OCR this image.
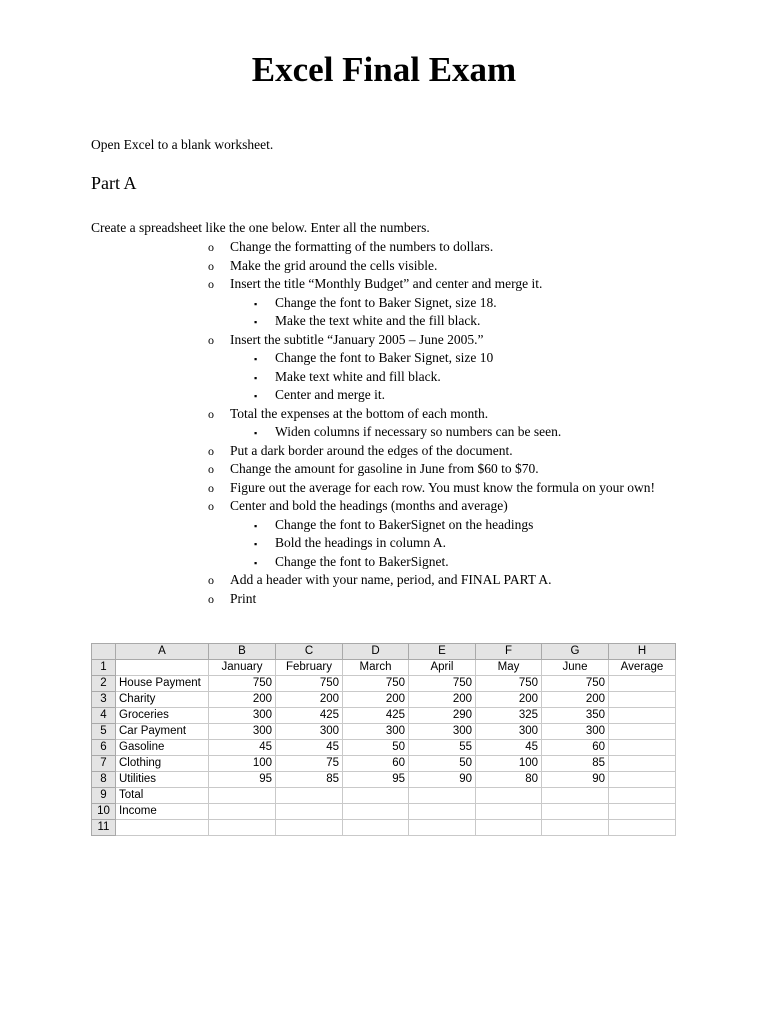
Excel Final Exam
Open Excel to a blank worksheet.
Part A
Create a spreadsheet like the one below. Enter all the numbers.
o Change the formatting of the numbers to dollars.
o Make the grid around the cells visible.
o Insert the title “Monthly Budget” and center and merge it.
▪ Change the font to Baker Signet, size 18.
▪ Make the text white and the fill black.
o Insert the subtitle “January 2005 – June 2005.”
▪ Change the font to Baker Signet, size 10
▪ Make text white and fill black.
▪ Center and merge it.
o Total the expenses at the bottom of each month.
▪ Widen columns if necessary so numbers can be seen.
o Put a dark border around the edges of the document.
o Change the amount for gasoline in June from $60 to $70.
o Figure out the average for each row. You must know the formula on your own!
o Center and bold the headings (months and average)
▪ Change the font to BakerSignet on the headings
▪ Bold the headings in column A.
▪ Change the font to BakerSignet.
o Add a header with your name, period, and FINAL PART A.
o Print
	A	B	C	D	E	F	G	H
1		January	February	March	April	May	June	Average
2	House Payment	750	750	750	750	750	750	
3	Charity	200	200	200	200	200	200	
4	Groceries	300	425	425	290	325	350	
5	Car Payment	300	300	300	300	300	300	
6	Gasoline	45	45	50	55	45	60	
7	Clothing	100	75	60	50	100	85	
8	Utilities	95	85	95	90	80	90	
9	Total							
10	Income							
11								
